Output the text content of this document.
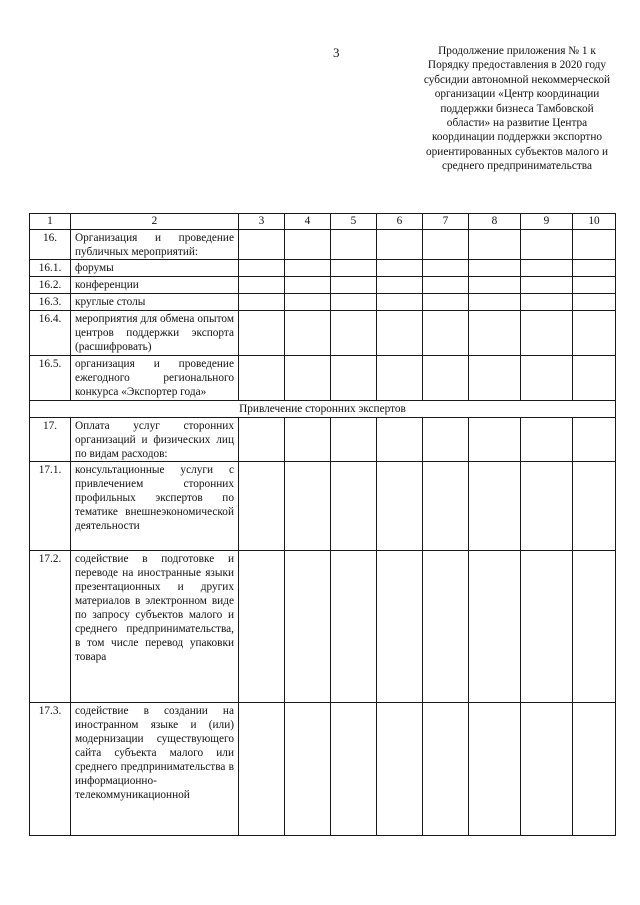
3	Продолжение приложения № 1 к Порядку предоставления в 2020 году субсидии автономной некоммерческой организации «Центр координации поддержки бизнеса Тамбовской области» на развитие Центра координации поддержки экспортно ориентированных субъектов малого и среднего предпринимательства
1	2	3	4	5	6	7	8	9	10
16.	Организация и проведение публичных мероприятий:								
16.1.	форумы								
16.2.	конференции								
16.3.	круглые столы								
16.4.	мероприятия для обмена опытом центров поддержки экспорта (расшифровать)								
16.5.	организация и проведение ежегодного регионального конкурса «Экспортер года»								
Привлечение сторонних экспертов									
17.	Оплата услуг сторонних организаций и физических лиц по видам расходов:								
17.1.	консультационные услуги с привлечением сторонних профильных экспертов по тематике внешнеэкономической деятельности								
17.2.	содействие в подготовке и переводе на иностранные языки презентационных и других материалов в электронном виде по запросу субъектов малого и среднего предпринимательства, в том числе перевод упаковки товара								
17.3.	содействие в создании на иностранном языке и (или) модернизации существующего сайта субъекта малого или среднего предпринимательства в информационно-телекоммуникационной								
